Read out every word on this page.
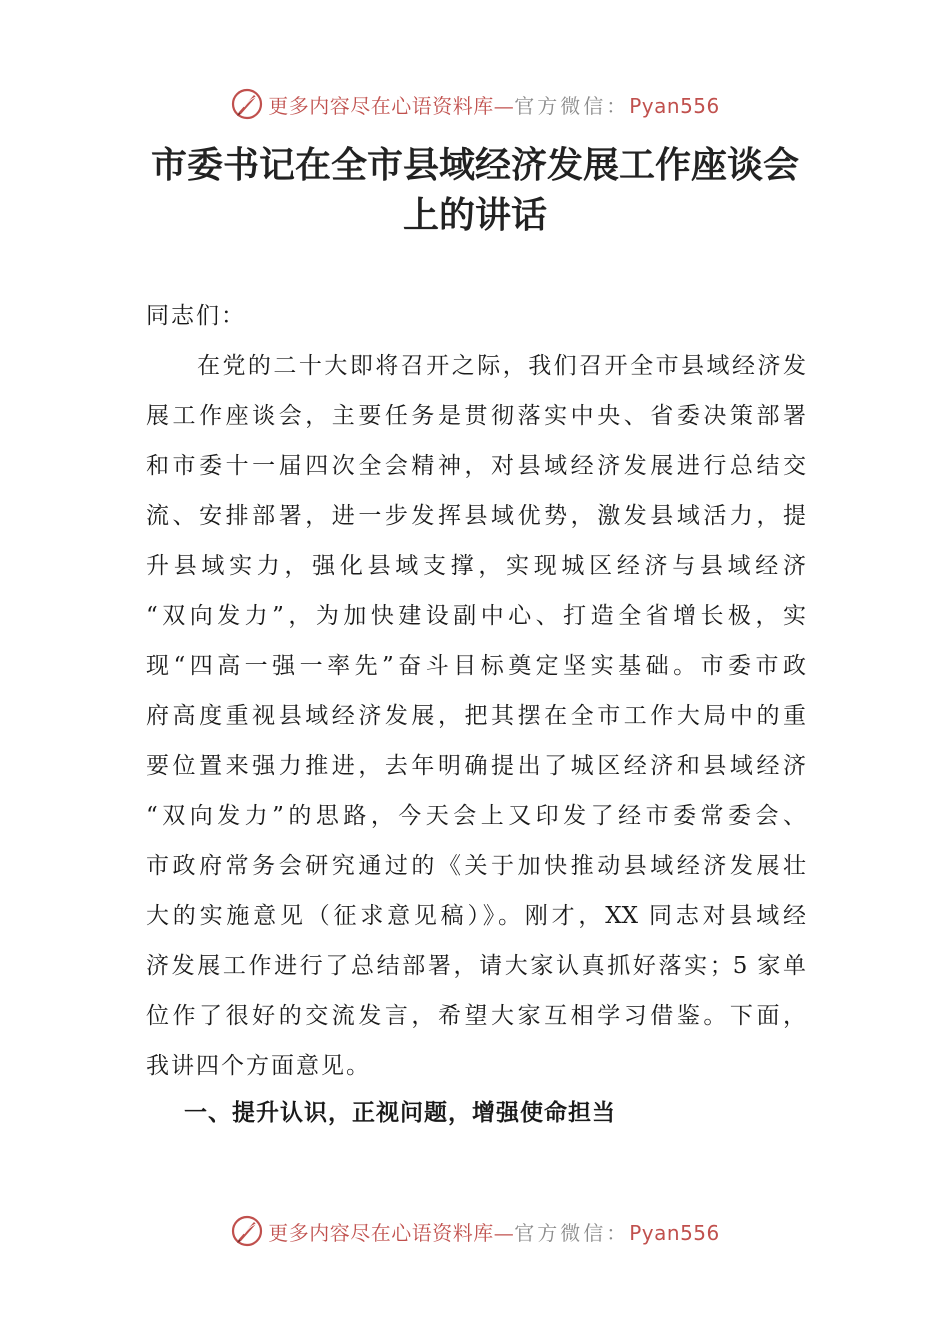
更多内容尽在心语资料库—官方微信：Pyan556
市委书记在全市县域经济发展工作座谈会
上的讲话
同志们：
　　在党的二十大即将召开之际，我们召开全市县域经济发
展工作座谈会，主要任务是贯彻落实中央、省委决策部署
和市委十一届四次全会精神，对县域经济发展进行总结交
流、安排部署，进一步发挥县域优势，激发县域活力，提
升县域实力，强化县域支撑，实现城区经济与县域经济
“双向发力”，为加快建设副中心、打造全省增长极，实
现“四高一强一率先”奋斗目标奠定坚实基础。市委市政
府高度重视县域经济发展，把其摆在全市工作大局中的重
要位置来强力推进，去年明确提出了城区经济和县域经济
“双向发力”的思路，今天会上又印发了经市委常委会、
市政府常务会研究通过的《关于加快推动县域经济发展壮
大的实施意见（征求意见稿）》。刚才，XX 同志对县域经
济发展工作进行了总结部署，请大家认真抓好落实；5 家单
位作了很好的交流发言，希望大家互相学习借鉴。下面，
我讲四个方面意见。
一、提升认识，正视问题，增强使命担当
更多内容尽在心语资料库—官方微信：Pyan556
